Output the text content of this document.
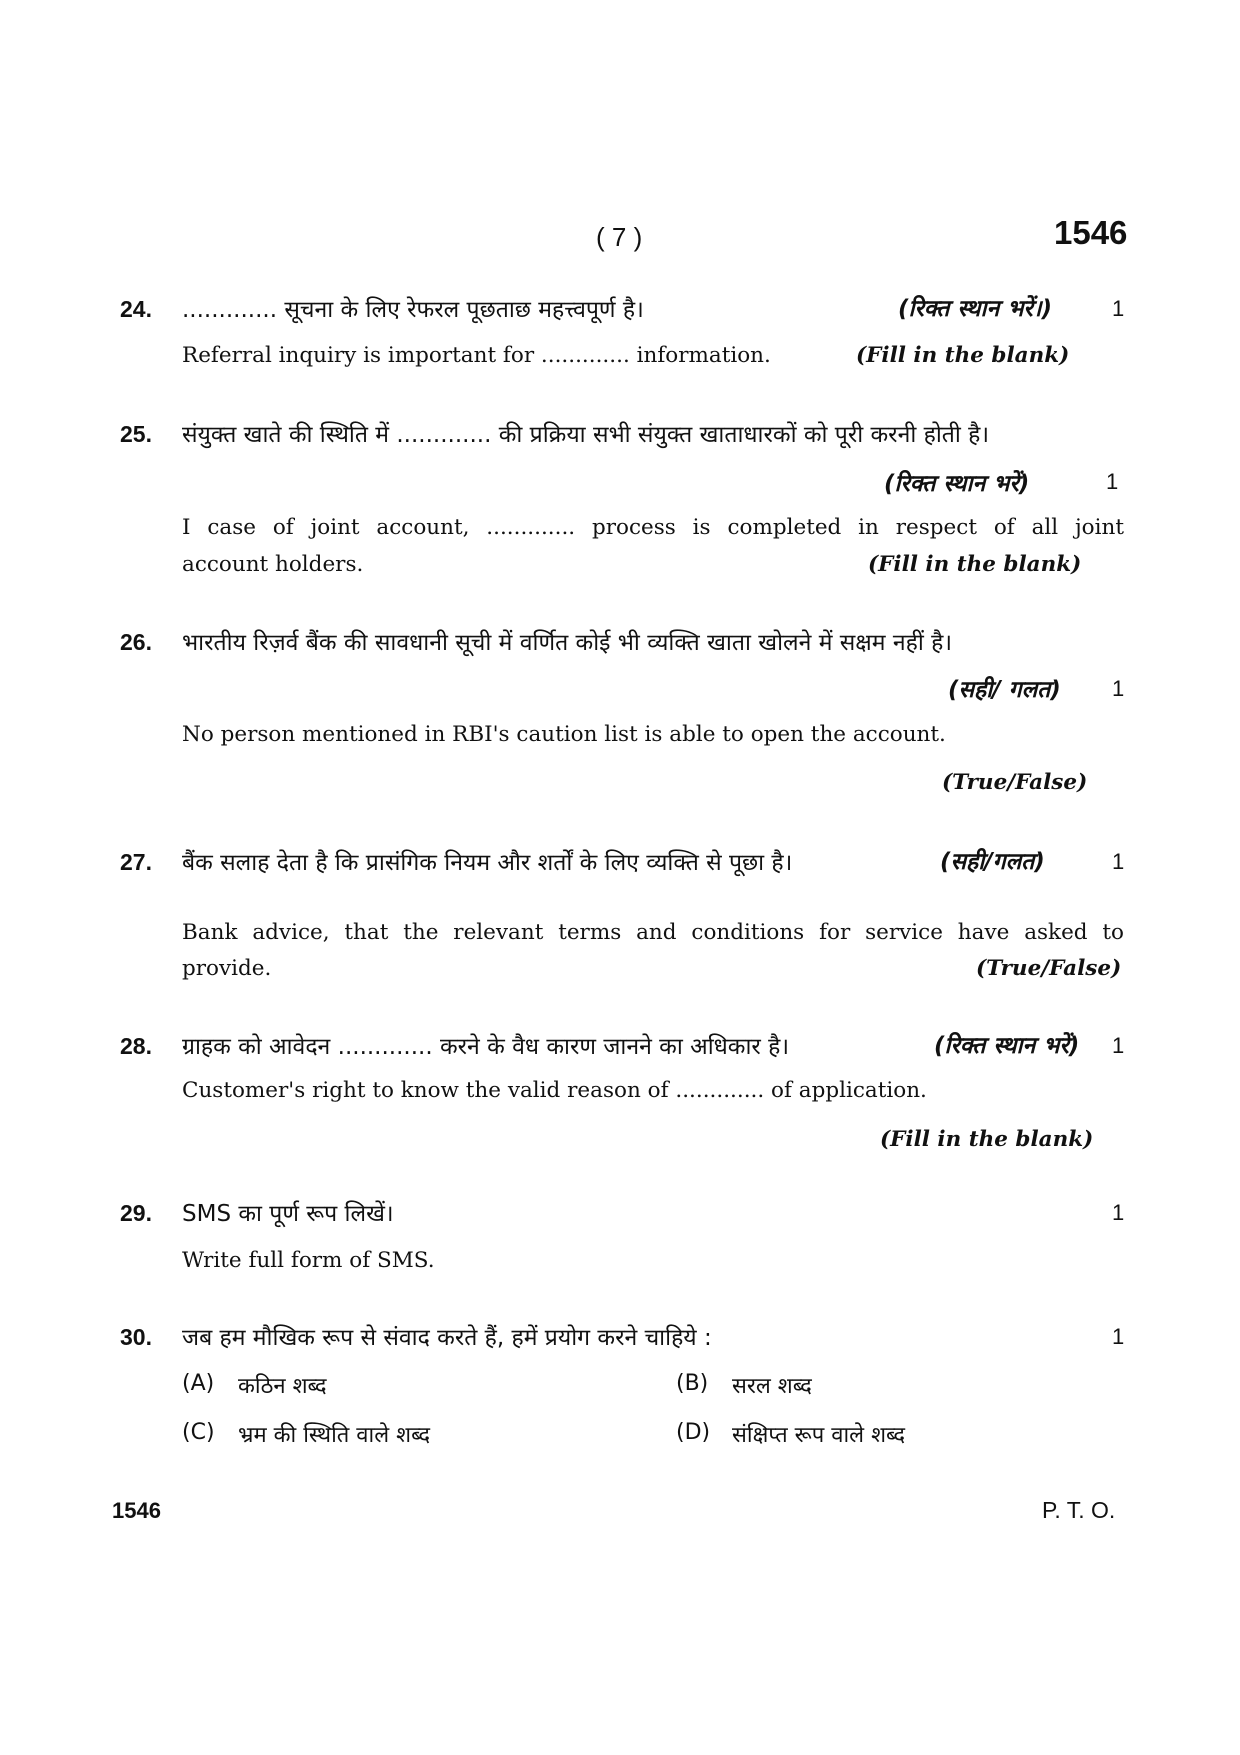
( 7 )	1546
24. ............. सूचना के लिए रेफरल पूछताछ महत्त्वपूर्ण है।	(रिक्त स्थान भरें।)	1
Referral inquiry is important for ............. information.	(Fill in the blank)
25. संयुक्त खाते की स्थिति में ............. की प्रक्रिया सभी संयुक्त खाताधारकों को पूरी करनी होती है।
(रिक्त स्थान भरें)	1
I case of joint account, ............. process is completed in respect of all joint
account holders.	(Fill in the blank)
26. भारतीय रिज़र्व बैंक की सावधानी सूची में वर्णित कोई भी व्यक्ति खाता खोलने में सक्षम नहीं है।
(सही/ गलत) 1
No person mentioned in RBI's caution list is able to open the account.
(True/False)
27. बैंक सलाह देता है कि प्रासंगिक नियम और शर्तों के लिए व्यक्ति से पूछा है।	(सही/गलत)	1
Bank advice, that the relevant terms and conditions for service have asked to
provide.	(True/False)
28. ग्राहक को आवेदन ............. करने के वैध कारण जानने का अधिकार है।	(रिक्त स्थान भरें) 1
Customer's right to know the valid reason of ............. of application.
(Fill in the blank)
29. SMS का पूर्ण रूप लिखें।	1
Write full form of SMS.
30. जब हम मौखिक रूप से संवाद करते हैं, हमें प्रयोग करने चाहिये :	1
(A) कठिन शब्द	(B) सरल शब्द
(C) भ्रम की स्थिति वाले शब्द	(D) संक्षिप्त रूप वाले शब्द
1546	P. T. O.
